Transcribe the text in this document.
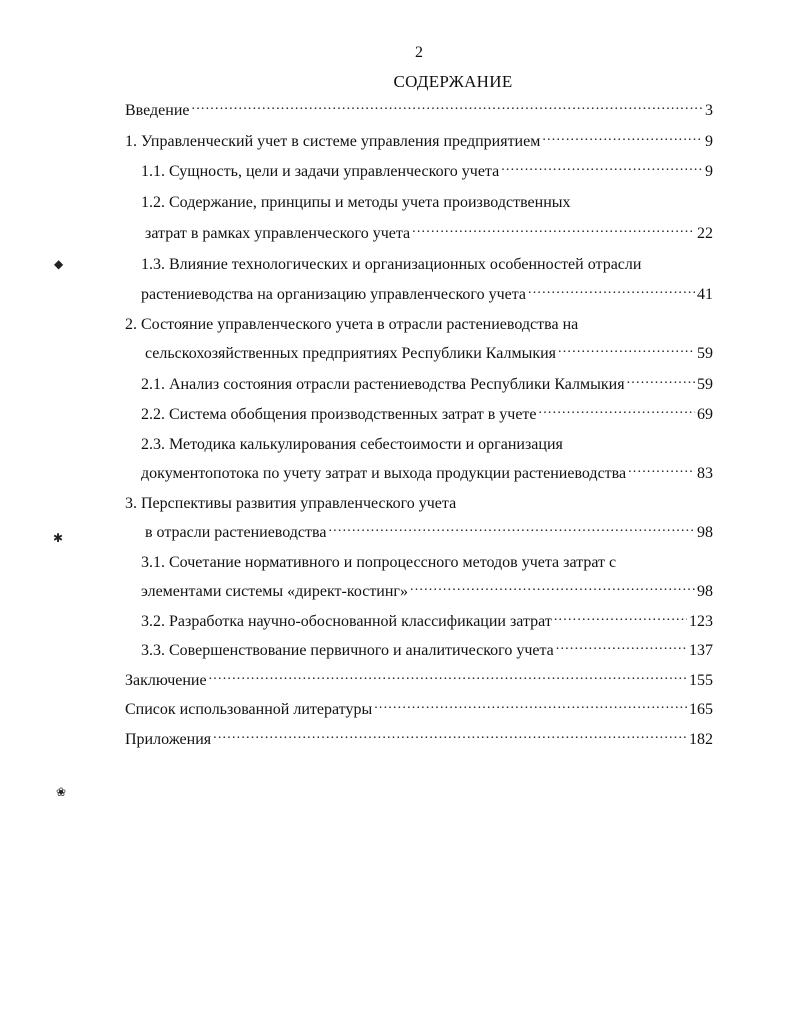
2
СОДЕРЖАНИЕ
Введение .....	3
1. Управленческий учет в системе управления предприятием .....	9
1.1. Сущность, цели и задачи управленческого учета .....	9
1.2. Содержание, принципы и методы учета производственных
затрат в рамках управленческого учета .....	22
1.3. Влияние технологических и организационных особенностей отрасли
растениеводства на организацию управленческого учета .....	41
2. Состояние управленческого учета в отрасли растениеводства на
сельскохозяйственных предприятиях Республики Калмыкия .....	59
2.1. Анализ состояния отрасли растениеводства Республики Калмыкия .....	59
2.2. Система обобщения производственных затрат в учете .....	69
2.3. Методика калькулирования себестоимости и организация
документопотока по учету затрат и выхода продукции растениеводства .....	83
3. Перспективы развития управленческого учета
в отрасли растениеводства .....	98
3.1. Сочетание нормативного и попроцессного методов учета затрат с
элементами системы «директ-костинг» .....	98
3.2. Разработка научно-обоснованной классификации затрат .....	123
3.3. Совершенствование первичного и аналитического учета .....	137
Заключение .....	155
Список использованной литературы .....	165
Приложения .....	182
◆
✱
❀
